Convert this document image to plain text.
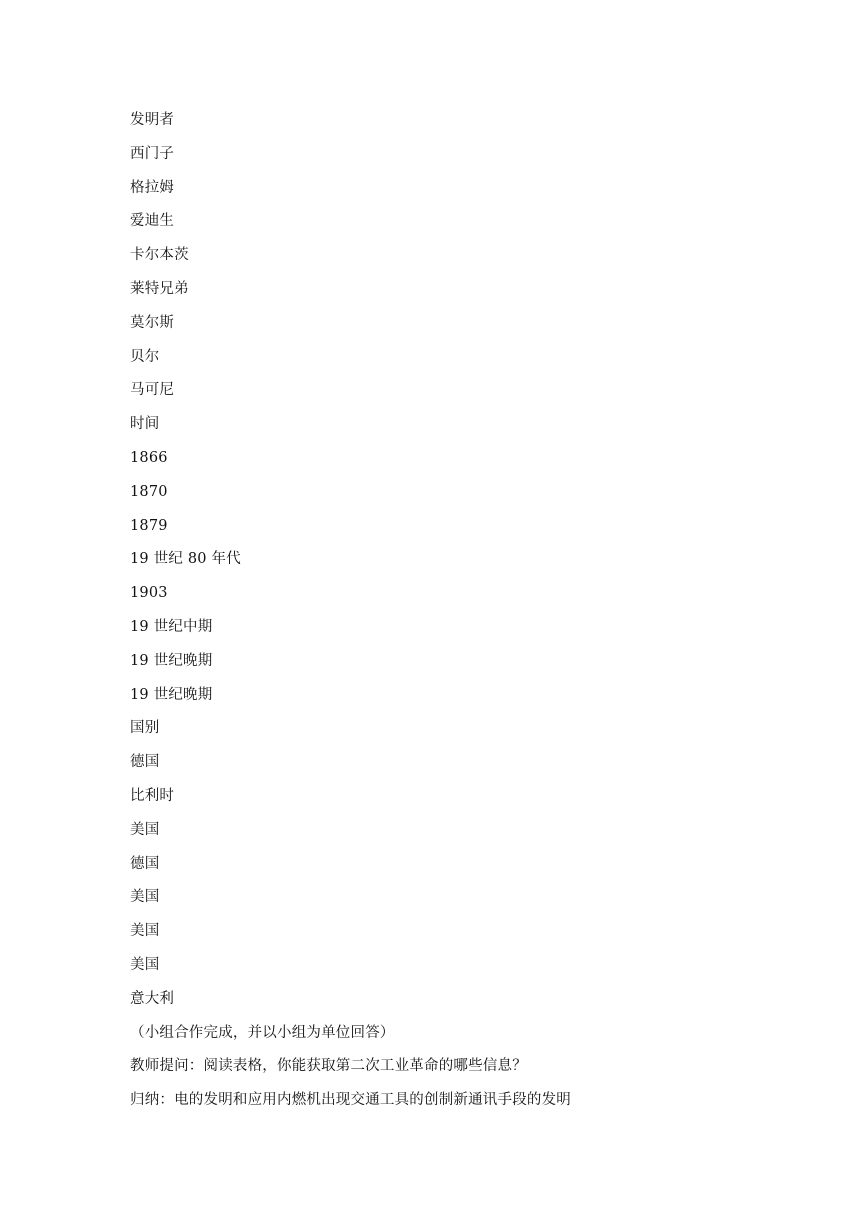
发明者
西门子
格拉姆
爱迪生
卡尔本茨
莱特兄弟
莫尔斯
贝尔
马可尼
时间
1866
1870
1879
19 世纪 80 年代
1903
19 世纪中期
19 世纪晚期
19 世纪晚期
国别
德国
比利时
美国
德国
美国
美国
美国
意大利
（小组合作完成，并以小组为单位回答）
教师提问：阅读表格，你能获取第二次工业革命的哪些信息？
归纳：电的发明和应用内燃机出现交通工具的创制新通讯手段的发明
